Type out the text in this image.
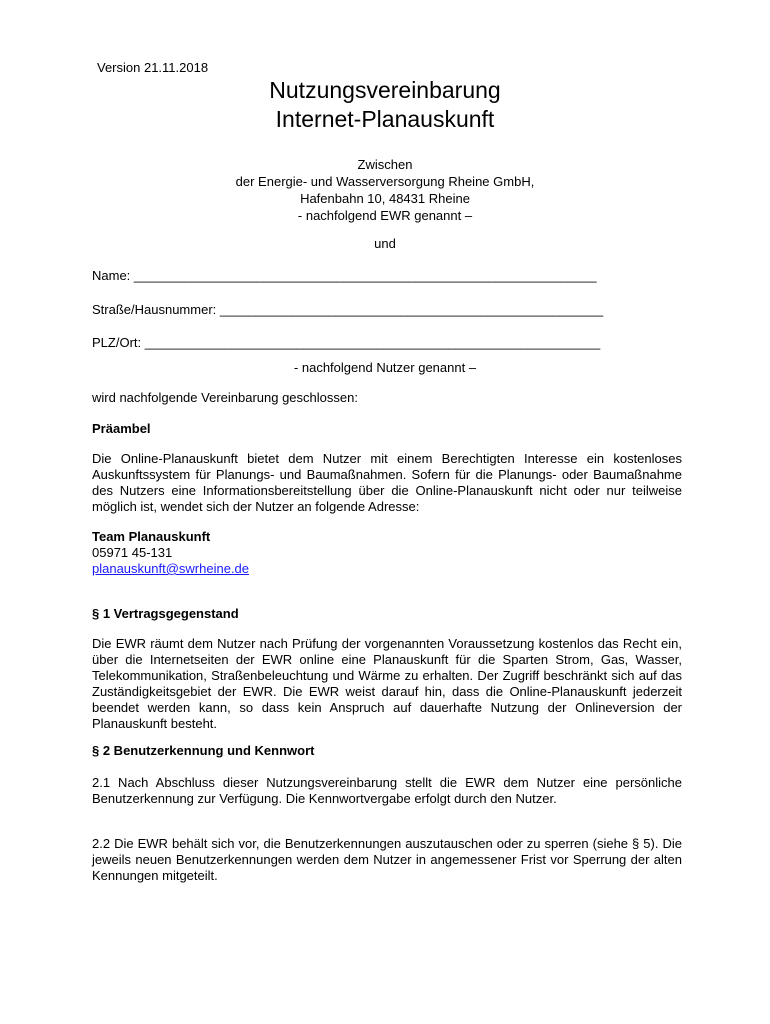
Version 21.11.2018
Nutzungsvereinbarung
Internet-Planauskunft
Zwischen
der Energie- und Wasserversorgung Rheine GmbH,
Hafenbahn 10, 48431 Rheine
- nachfolgend EWR genannt –
und
Name: ________________________________________________________________
Straße/Hausnummer: _____________________________________________________
PLZ/Ort: _______________________________________________________________
- nachfolgend Nutzer genannt –
wird nachfolgende Vereinbarung geschlossen:
Präambel
Die Online-Planauskunft bietet dem Nutzer mit einem Berechtigten Interesse ein kostenloses Auskunftssystem für Planungs- und Baumaßnahmen. Sofern für die Planungs- oder Baumaßnahme des Nutzers eine Informationsbereitstellung über die Online-Planauskunft nicht oder nur teilweise möglich ist, wendet sich der Nutzer an folgende Adresse:
Team Planauskunft
05971 45-131
planauskunft@swrheine.de
§ 1 Vertragsgegenstand
Die EWR räumt dem Nutzer nach Prüfung der vorgenannten Voraussetzung kostenlos das Recht ein, über die Internetseiten der EWR online eine Planauskunft für die Sparten Strom, Gas, Wasser, Telekommunikation, Straßenbeleuchtung und Wärme zu erhalten. Der Zugriff beschränkt sich auf das Zuständigkeitsgebiet der EWR. Die EWR weist darauf hin, dass die Online-Planauskunft jederzeit beendet werden kann, so dass kein Anspruch auf dauerhafte Nutzung der Onlineversion der Planauskunft besteht.
§ 2 Benutzerkennung und Kennwort
2.1 Nach Abschluss dieser Nutzungsvereinbarung stellt die EWR dem Nutzer eine persönliche Benutzerkennung zur Verfügung. Die Kennwortvergabe erfolgt durch den Nutzer.
2.2 Die EWR behält sich vor, die Benutzerkennungen auszutauschen oder zu sperren (siehe § 5). Die jeweils neuen Benutzerkennungen werden dem Nutzer in angemessener Frist vor Sperrung der alten Kennungen mitgeteilt.
